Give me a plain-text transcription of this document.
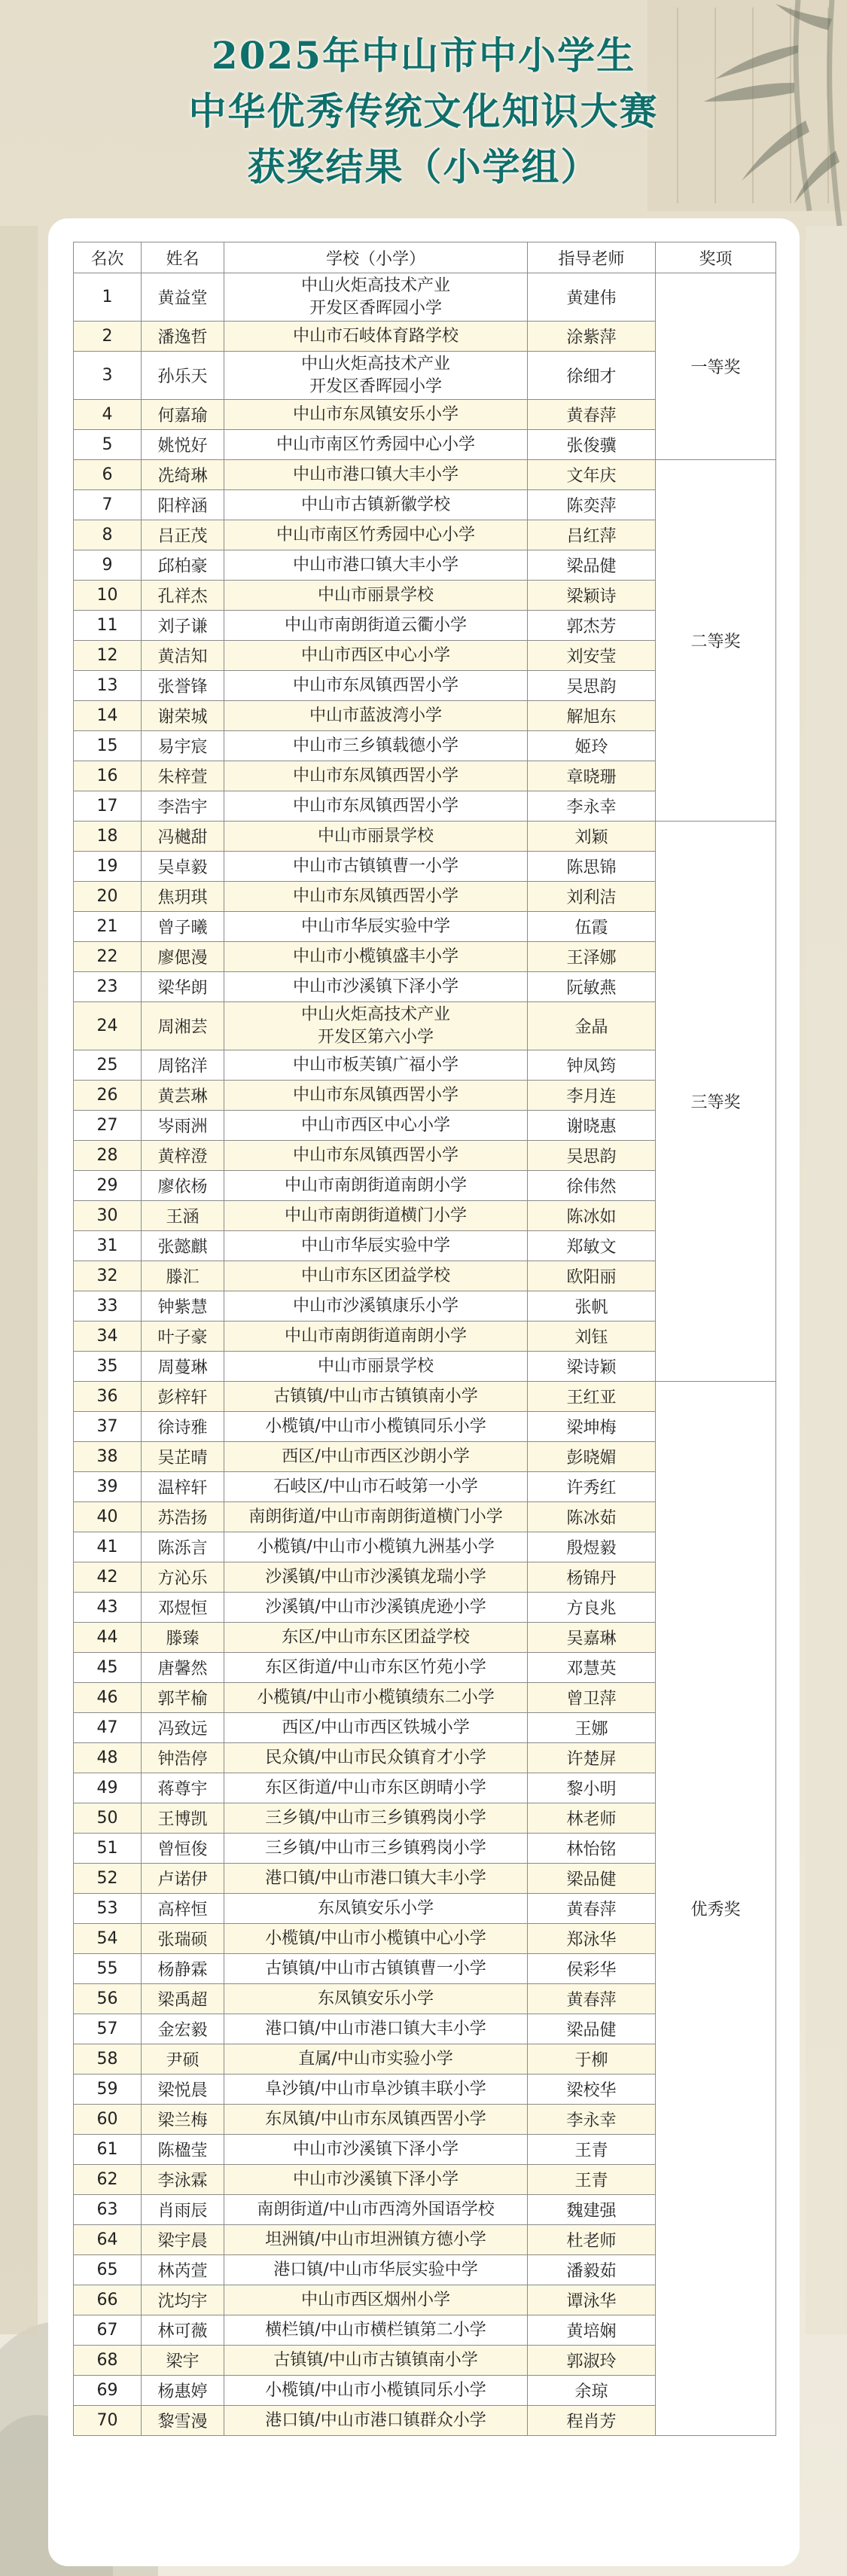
2025年中山市中小学生
中华优秀传统文化知识大赛
获奖结果（小学组）
名次	姓名	学校（小学）	指导老师	奖项
1	黄益堂	中山火炬高技术产业
开发区香晖园小学	黄建伟	一等奖
2	潘逸哲	中山市石岐体育路学校	涂紫萍	
3	孙乐天	中山火炬高技术产业
开发区香晖园小学	徐细才	
4	何嘉瑜	中山市东凤镇安乐小学	黄春萍	
5	姚悦好	中山市南区竹秀园中心小学	张俊骥	
6	冼绮琳	中山市港口镇大丰小学	文年庆	二等奖
7	阳梓涵	中山市古镇新徽学校	陈奕萍	
8	吕正茂	中山市南区竹秀园中心小学	吕红萍	
9	邱柏豪	中山市港口镇大丰小学	梁品健	
10	孔祥杰	中山市丽景学校	梁颖诗	
11	刘子谦	中山市南朗街道云衢小学	郭杰芳	
12	黄洁知	中山市西区中心小学	刘安莹	
13	张誉锋	中山市东凤镇西罟小学	吴思韵	
14	谢荣城	中山市蓝波湾小学	解旭东	
15	易宇宸	中山市三乡镇载德小学	姬玲	
16	朱梓萱	中山市东凤镇西罟小学	章晓珊	
17	李浩宇	中山市东凤镇西罟小学	李永幸	
18	冯樾甜	中山市丽景学校	刘颖	三等奖
19	吴卓毅	中山市古镇镇曹一小学	陈思锦	
20	焦玥琪	中山市东凤镇西罟小学	刘利洁	
21	曾子曦	中山市华辰实验中学	伍霞	
22	廖偲漫	中山市小榄镇盛丰小学	王泽娜	
23	梁华朗	中山市沙溪镇下泽小学	阮敏燕	
24	周湘芸	中山火炬高技术产业
开发区第六小学	金晶	
25	周铭洋	中山市板芙镇广福小学	钟凤筠	
26	黄芸琳	中山市东凤镇西罟小学	李月连	
27	岑雨洲	中山市西区中心小学	谢晓惠	
28	黄梓澄	中山市东凤镇西罟小学	吴思韵	
29	廖依杨	中山市南朗街道南朗小学	徐伟然	
30	王涵	中山市南朗街道横门小学	陈冰如	
31	张懿麒	中山市华辰实验中学	郑敏文	
32	滕汇	中山市东区团益学校	欧阳丽	
33	钟紫慧	中山市沙溪镇康乐小学	张帆	
34	叶子豪	中山市南朗街道南朗小学	刘钰	
35	周蔓琳	中山市丽景学校	梁诗颖	
36	彭梓轩	古镇镇/中山市古镇镇南小学	王红亚	优秀奖
37	徐诗雅	小榄镇/中山市小榄镇同乐小学	梁坤梅	
38	吴芷晴	西区/中山市西区沙朗小学	彭晓媚	
39	温梓轩	石岐区/中山市石岐第一小学	许秀红	
40	苏浩扬	南朗街道/中山市南朗街道横门小学	陈冰茹	
41	陈泺言	小榄镇/中山市小榄镇九洲基小学	殷煜毅	
42	方沁乐	沙溪镇/中山市沙溪镇龙瑞小学	杨锦丹	
43	邓煜恒	沙溪镇/中山市沙溪镇虎逊小学	方良兆	
44	滕臻	东区/中山市东区团益学校	吴嘉琳	
45	唐馨然	东区街道/中山市东区竹苑小学	邓慧英	
46	郭芊榆	小榄镇/中山市小榄镇绩东二小学	曾卫萍	
47	冯致远	西区/中山市西区铁城小学	王娜	
48	钟浩停	民众镇/中山市民众镇育才小学	许楚屏	
49	蒋尊宇	东区街道/中山市东区朗晴小学	黎小明	
50	王博凯	三乡镇/中山市三乡镇鸦岗小学	林老师	
51	曾恒俊	三乡镇/中山市三乡镇鸦岗小学	林怡铭	
52	卢诺伊	港口镇/中山市港口镇大丰小学	梁品健	
53	高梓恒	东凤镇安乐小学	黄春萍	
54	张瑞硕	小榄镇/中山市小榄镇中心小学	郑泳华	
55	杨静霖	古镇镇/中山市古镇镇曹一小学	侯彩华	
56	梁禹超	东凤镇安乐小学	黄春萍	
57	金宏毅	港口镇/中山市港口镇大丰小学	梁品健	
58	尹硕	直属/中山市实验小学	于柳	
59	梁悦晨	阜沙镇/中山市阜沙镇丰联小学	梁校华	
60	梁兰梅	东凤镇/中山市东凤镇西罟小学	李永幸	
61	陈楹莹	中山市沙溪镇下泽小学	王青	
62	李泳霖	中山市沙溪镇下泽小学	王青	
63	肖雨辰	南朗街道/中山市西湾外国语学校	魏建强	
64	梁宇晨	坦洲镇/中山市坦洲镇方德小学	杜老师	
65	林芮萱	港口镇/中山市华辰实验中学	潘毅茹	
66	沈均宇	中山市西区烟州小学	谭泳华	
67	林可薇	横栏镇/中山市横栏镇第二小学	黄培娴	
68	梁宇	古镇镇/中山市古镇镇南小学	郭淑玲	
69	杨惠婷	小榄镇/中山市小榄镇同乐小学	余琼	
70	黎雪漫	港口镇/中山市港口镇群众小学	程肖芳	
